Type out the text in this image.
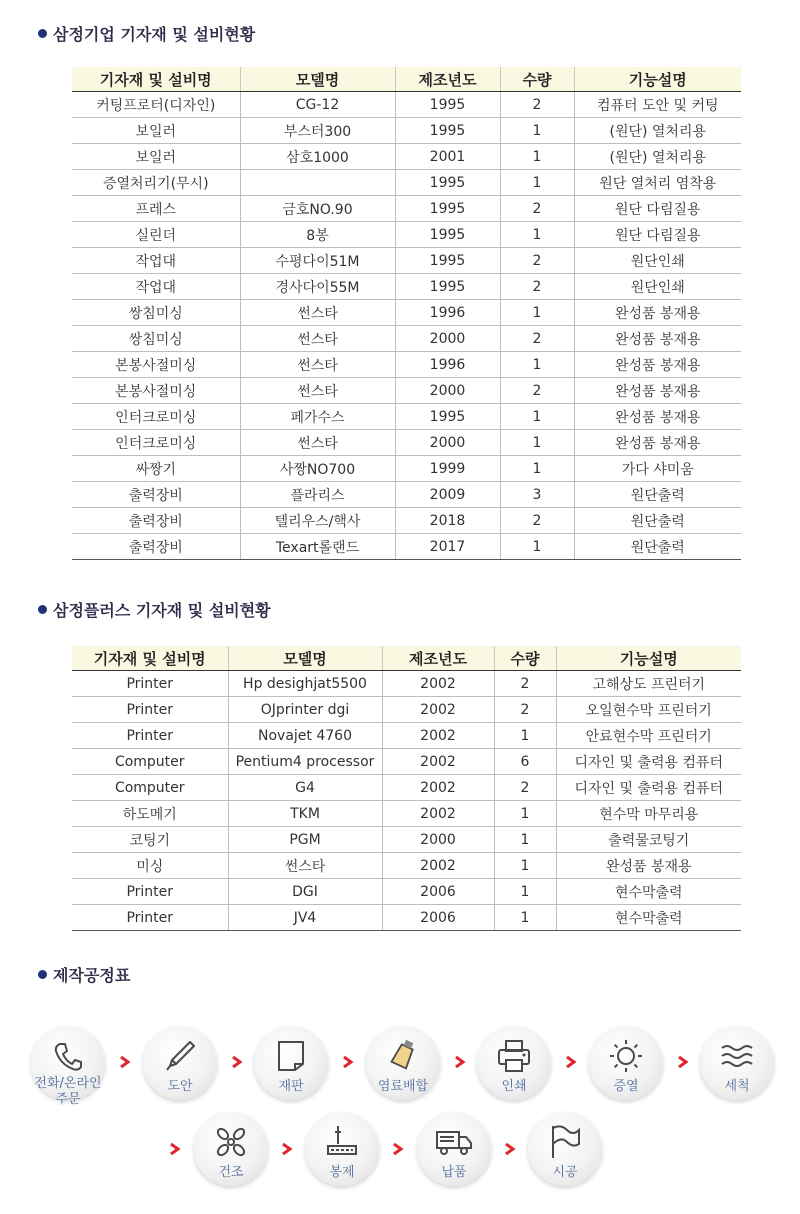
삼정기업 기자재 및 설비현황
기자재 및 설비명	모델명	제조년도	수량	기능설명
커팅프로터(디자인)	CG-12	1995	2	컴퓨터 도안 및 커팅
보일러	부스터300	1995	1	(원단) 열처리용
보일러	삼호1000	2001	1	(원단) 열처리용
증열처리기(무시)		1995	1	원단 열처리 염착용
프레스	금호NO.90	1995	2	원단 다림질용
실린더	8봉	1995	1	원단 다림질용
작업대	수평다이51M	1995	2	원단인쇄
작업대	경사다이55M	1995	2	원단인쇄
쌍침미싱	썬스타	1996	1	완성품 봉재용
쌍침미싱	썬스타	2000	2	완성품 봉재용
본봉사절미싱	썬스타	1996	1	완성품 봉재용
본봉사절미싱	썬스타	2000	2	완성품 봉재용
인터크로미싱	페가수스	1995	1	완성품 봉재용
인터크로미싱	썬스타	2000	1	완성품 봉재용
싸짱기	사짱NO700	1999	1	가다 샤미움
출력장비	플라리스	2009	3	원단출력
출력장비	텔리우스/핵사	2018	2	원단출력
출력장비	Texart롤랜드	2017	1	원단출력
삼정플러스 기자재 및 설비현황
기자재 및 설비명	모델명	제조년도	수량	기능설명
Printer	Hp desighjat5500	2002	2	고해상도 프린터기
Printer	OJprinter dgi	2002	2	오일현수막 프린터기
Printer	Novajet 4760	2002	1	안료현수막 프린터기
Computer	Pentium4 processor	2002	6	디자인 및 출력용 컴퓨터
Computer	G4	2002	2	디자인 및 출력용 컴퓨터
하도메기	TKM	2002	1	현수막 마무리용
코팅기	PGM	2000	1	출력물코팅기
미싱	썬스타	2002	1	완성품 봉재용
Printer	DGI	2006	1	현수막출력
Printer	JV4	2006	1	현수막출력
제작공정표
전화/온라인
주문
도안	재판	염료배합	인쇄	증열	세척
건조	봉제	납품	시공
